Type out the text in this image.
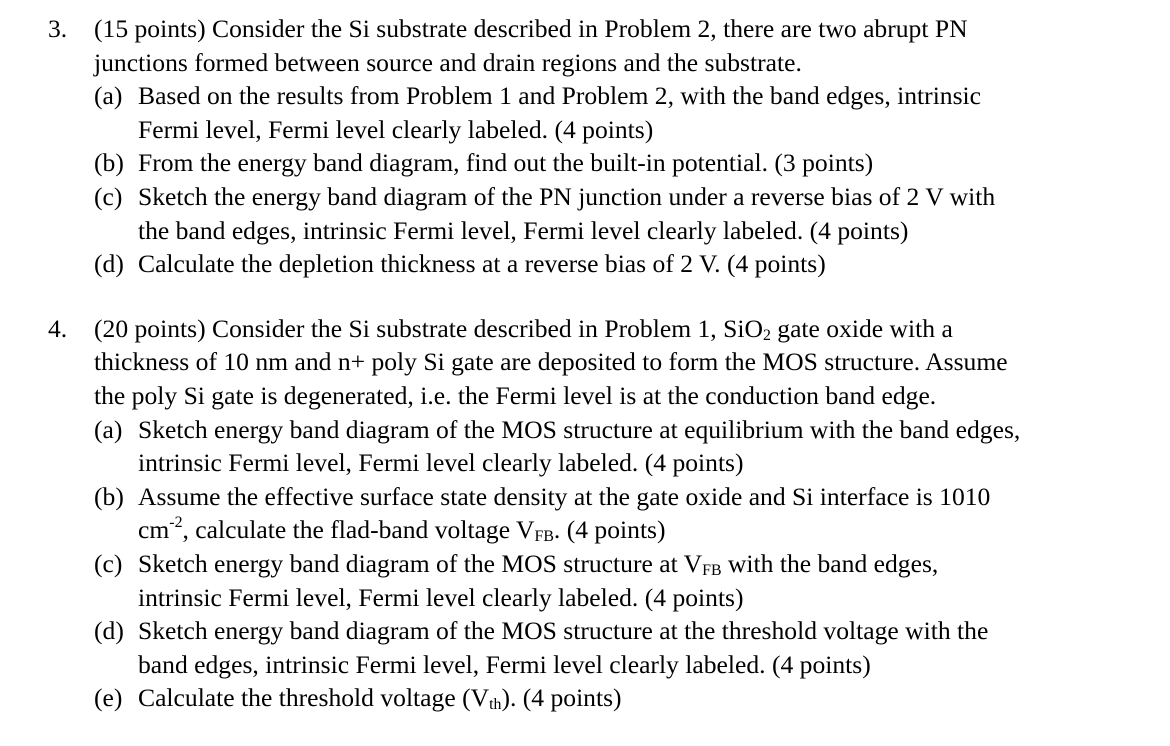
3.	(15 points) Consider the Si substrate described in Problem 2, there are two abrupt PN

junctions formed between source and drain regions and the substrate.

(a) Based on the results from Problem 1 and Problem 2, with the band edges, intrinsic

Fermi level, Fermi level clearly labeled. (4 points)

(b) From the energy band diagram, find out the built-in potential. (3 points)

(c) Sketch the energy band diagram of the PN junction under a reverse bias of 2 V with

the band edges, intrinsic Fermi level, Fermi level clearly labeled. (4 points)

(d) Calculate the depletion thickness at a reverse bias of 2 V. (4 points)

4.	(20 points) Consider the Si substrate described in Problem 1, SiO$_2$ gate oxide with a

thickness of 10 nm and n+ poly Si gate are deposited to form the MOS structure. Assume

the poly Si gate is degenerated, i.e. the Fermi level is at the conduction band edge.

(a) Sketch energy band diagram of the MOS structure at equilibrium with the band edges,

intrinsic Fermi level, Fermi level clearly labeled. (4 points)

(b) Assume the effective surface state density at the gate oxide and Si interface is 1010

$cm^{-2}$, calculate the flad-band voltage $V_{FB}$. (4 points)

(c) Sketch energy band diagram of the MOS structure at $V_{FB}$ with the band edges,

intrinsic Fermi level, Fermi level clearly labeled. (4 points)

(d) Sketch energy band diagram of the MOS structure at the threshold voltage with the

band edges, intrinsic Fermi level, Fermi level clearly labeled. (4 points)

(e) Calculate the threshold voltage $(V_{th})$. (4 points)
